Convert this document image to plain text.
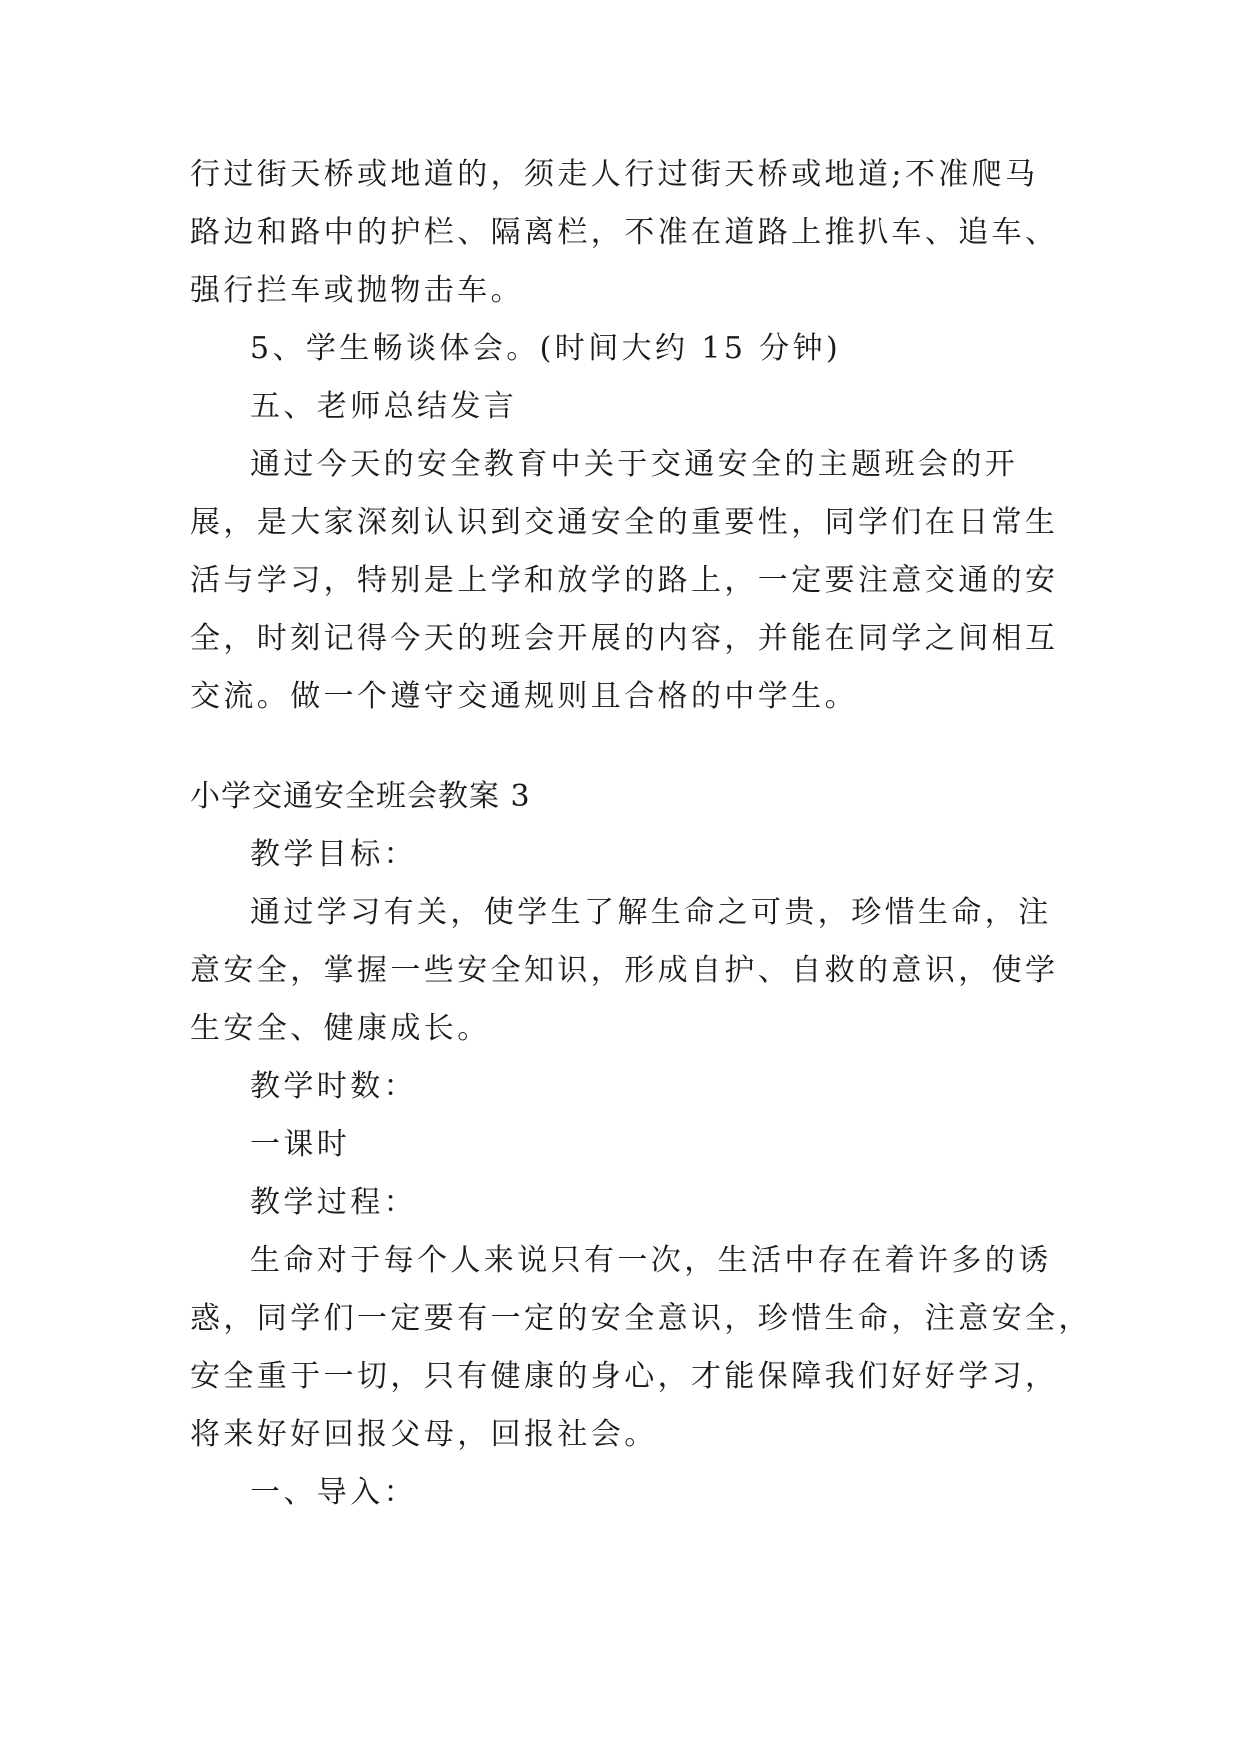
行过街天桥或地道的，须走人行过街天桥或地道;不准爬马
路边和路中的护栏、隔离栏，不准在道路上推扒车、追车、
强行拦车或抛物击车。
5、学生畅谈体会。(时间大约 15 分钟)
五、老师总结发言
通过今天的安全教育中关于交通安全的主题班会的开
展，是大家深刻认识到交通安全的重要性，同学们在日常生
活与学习，特别是上学和放学的路上，一定要注意交通的安
全，时刻记得今天的班会开展的内容，并能在同学之间相互
交流。做一个遵守交通规则且合格的中学生。
小学交通安全班会教案 3
教学目标：
通过学习有关，使学生了解生命之可贵，珍惜生命，注
意安全，掌握一些安全知识，形成自护、自救的意识，使学
生安全、健康成长。
教学时数：
一课时
教学过程：
生命对于每个人来说只有一次，生活中存在着许多的诱
惑，同学们一定要有一定的安全意识，珍惜生命，注意安全，
安全重于一切，只有健康的身心，才能保障我们好好学习，
将来好好回报父母，回报社会。
一、导入：
